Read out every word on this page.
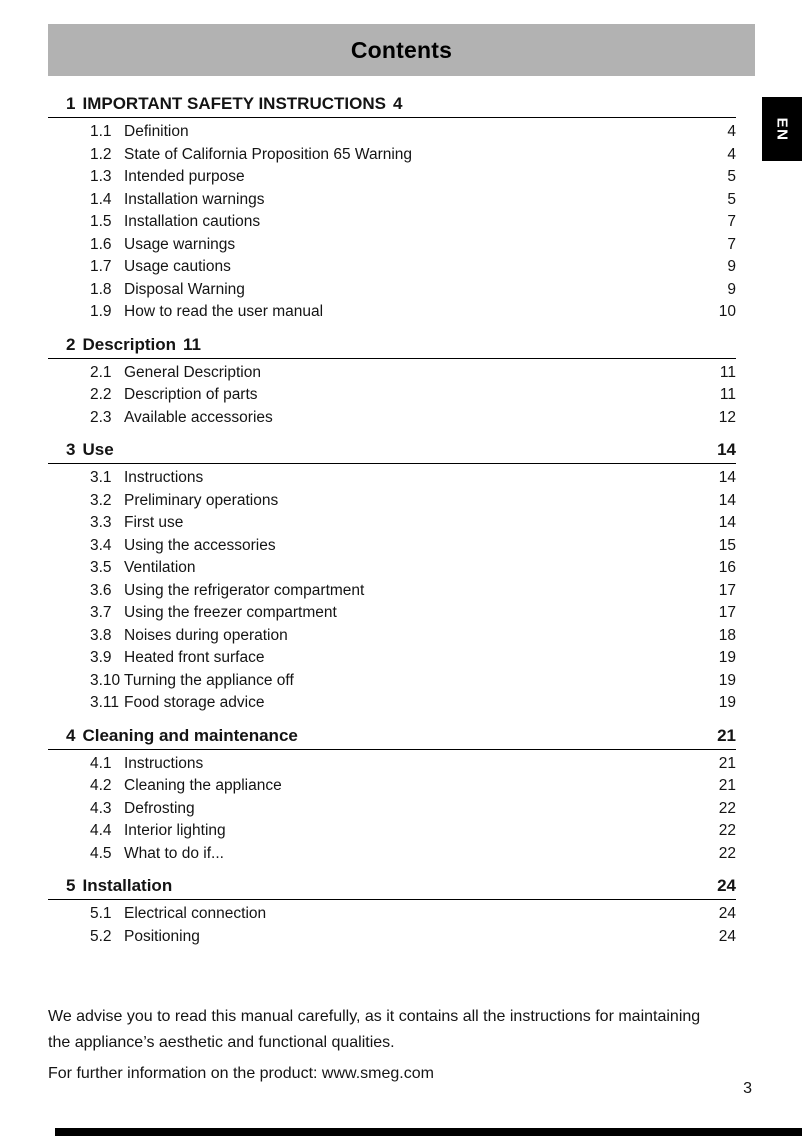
Contents
EN
1 IMPORTANT SAFETY INSTRUCTIONS 4
1.1 Definition	4
1.2 State of California Proposition 65 Warning	4
1.3 Intended purpose	5
1.4 Installation warnings	5
1.5 Installation cautions	7
1.6 Usage warnings	7
1.7 Usage cautions	9
1.8 Disposal Warning	9
1.9 How to read the user manual	10
2 Description 11
2.1 General Description	11
2.2 Description of parts	11
2.3 Available accessories	12
3 Use	14
3.1 Instructions	14
3.2 Preliminary operations	14
3.3 First use	14
3.4 Using the accessories	15
3.5 Ventilation	16
3.6 Using the refrigerator compartment	17
3.7 Using the freezer compartment	17
3.8 Noises during operation	18
3.9 Heated front surface	19
3.10 Turning the appliance off	19
3.11 Food storage advice	19
4 Cleaning and maintenance	21
4.1 Instructions	21
4.2 Cleaning the appliance	21
4.3 Defrosting	22
4.4 Interior lighting	22
4.5 What to do if...	22
5 Installation	24
5.1 Electrical connection	24
5.2 Positioning	24
We advise you to read this manual carefully, as it contains all the instructions for maintaining
the appliance’s aesthetic and functional qualities.
For further information on the product: www.smeg.com
3
